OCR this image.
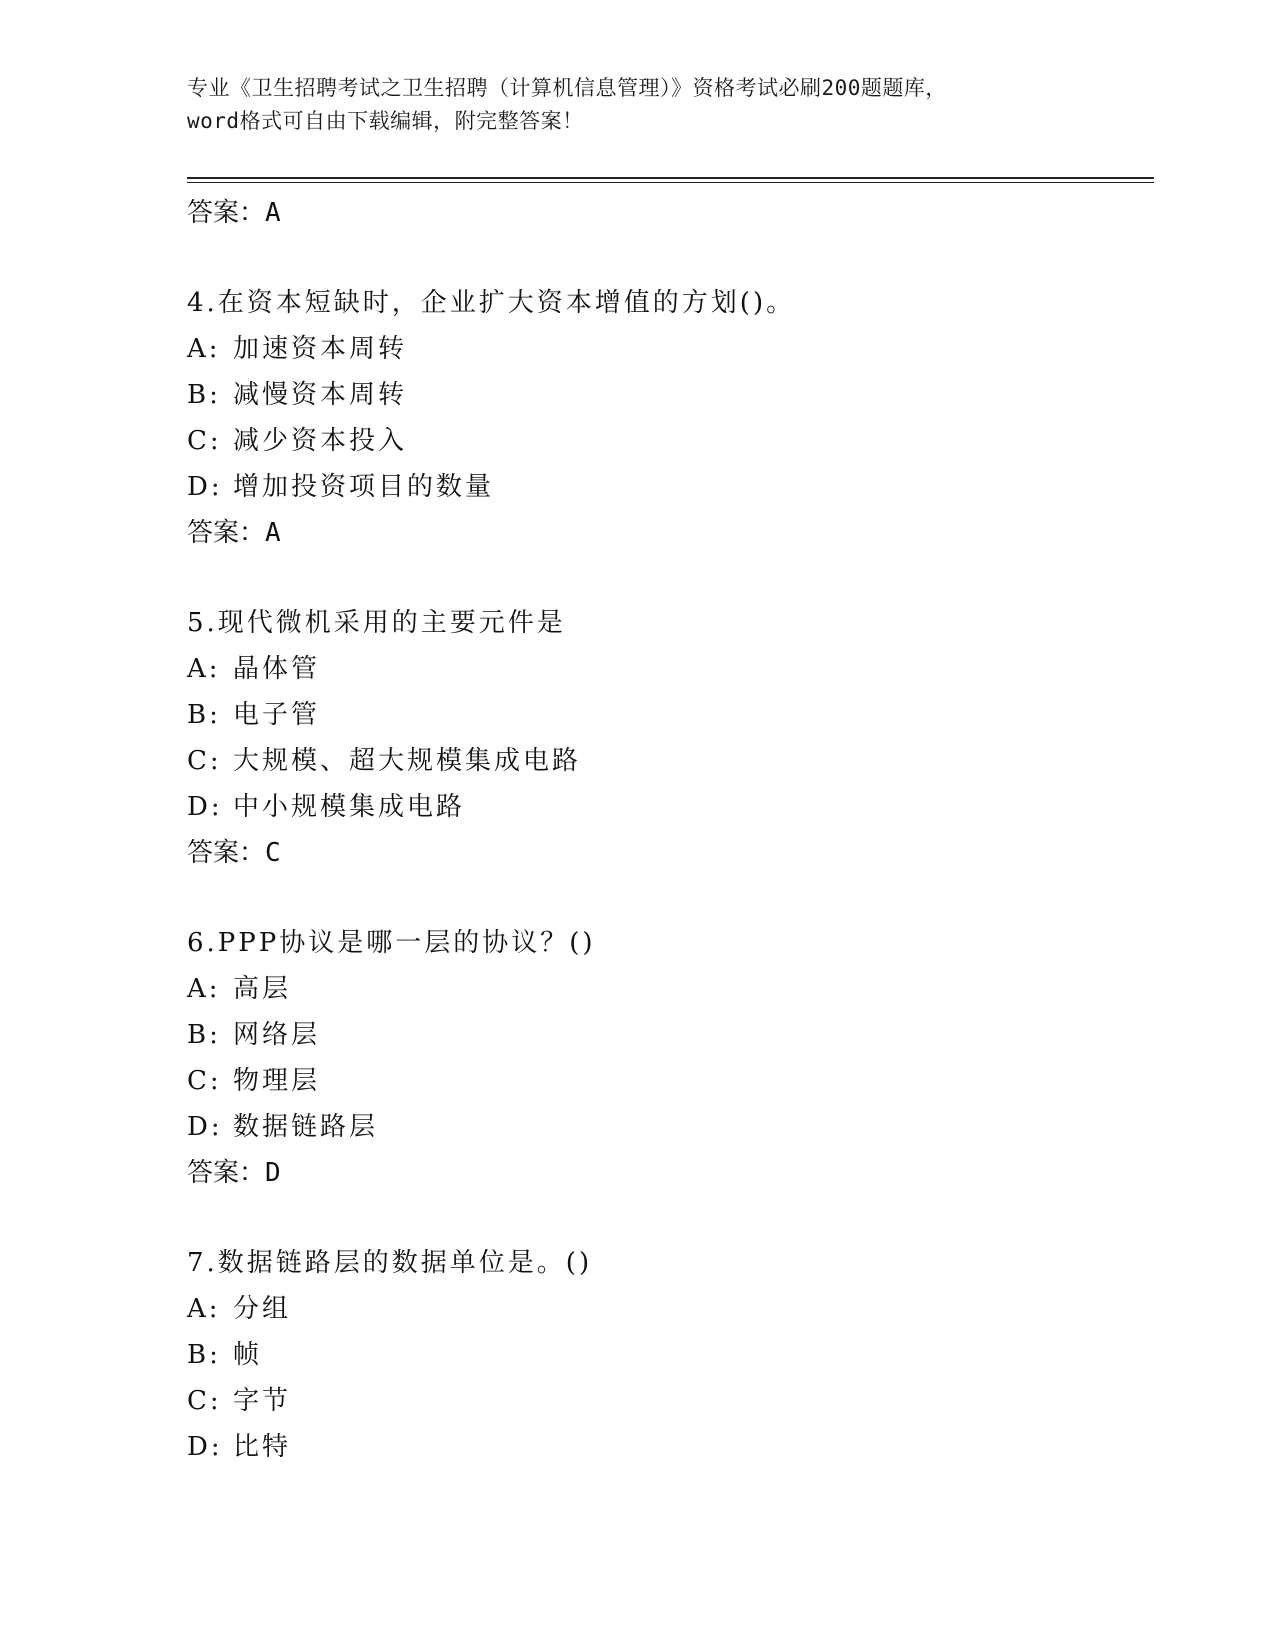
专业《卫生招聘考试之卫生招聘（计算机信息管理）》资格考试必刷200题题库，
word格式可自由下载编辑，附完整答案！
答案：A
4.在资本短缺时，企业扩大资本增值的方划()。
A: 加速资本周转
B: 减慢资本周转
C: 减少资本投入
D: 增加投资项目的数量
答案：A
5.现代微机采用的主要元件是
A: 晶体管
B: 电子管
C: 大规模、超大规模集成电路
D: 中小规模集成电路
答案：C
6.PPP协议是哪一层的协议？()
A: 高层
B: 网络层
C: 物理层
D: 数据链路层
答案：D
7.数据链路层的数据单位是。()
A: 分组
B: 帧
C: 字节
D: 比特
